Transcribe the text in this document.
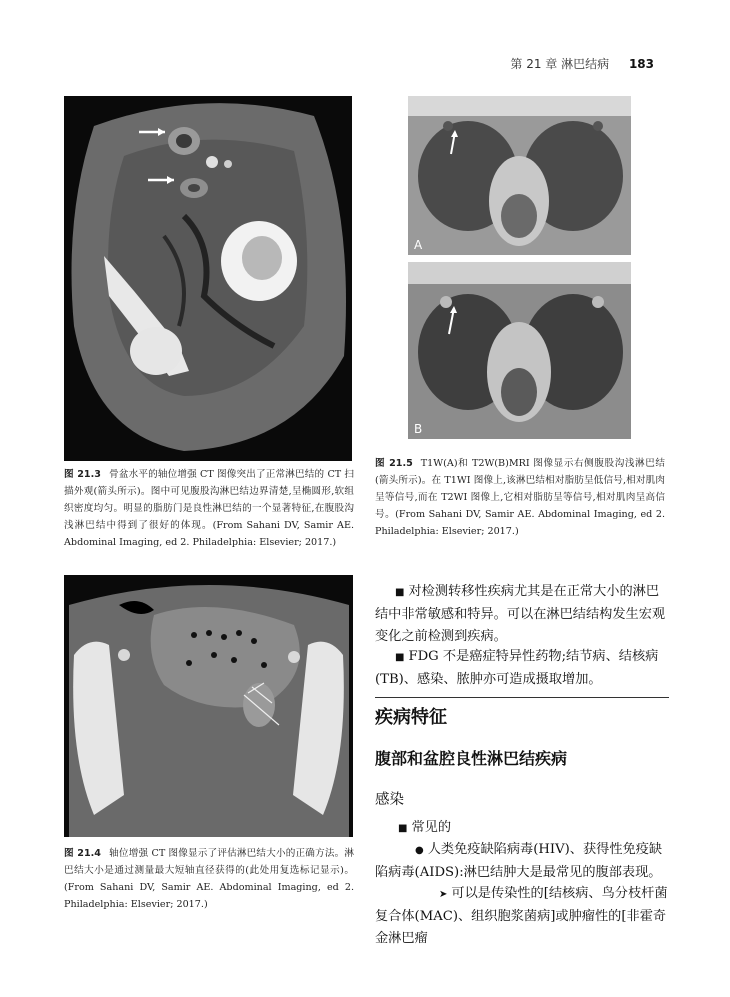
第 21 章 淋巴结病 183
A
B
图 21.3 骨盆水平的轴位增强 CT 图像突出了正常淋巴结的 CT 扫描外观(箭头所示)。图中可见腹股沟淋巴结边界清楚,呈椭圆形,软组织密度均匀。明显的脂肪门是良性淋巴结的一个显著特征,在腹股沟浅淋巴结中得到了很好的体现。(From Sahani DV, Samir AE. Abdominal Imaging, ed 2. Philadelphia: Elsevier; 2017.)
图 21.5 T1W(A)和 T2W(B)MRI 图像显示右侧腹股沟浅淋巴结(箭头所示)。在 T1WI 图像上,该淋巴结相对脂肪呈低信号,相对肌肉呈等信号,而在 T2WI 图像上,它相对脂肪呈等信号,相对肌肉呈高信号。(From Sahani DV, Samir AE. Abdominal Imaging, ed 2. Philadelphia: Elsevier; 2017.)
图 21.4 轴位增强 CT 图像显示了评估淋巴结大小的正确方法。淋巴结大小是通过测量最大短轴直径获得的(此处用复选标记显示)。(From Sahani DV, Samir AE. Abdominal Imaging, ed 2. Philadelphia: Elsevier; 2017.)
■ 对检测转移性疾病尤其是在正常大小的淋巴结中非常敏感和特异。可以在淋巴结结构发生宏观变化之前检测到疾病。
■ FDG 不是癌症特异性药物;结节病、结核病(TB)、感染、脓肿亦可造成摄取增加。
疾病特征
腹部和盆腔良性淋巴结疾病
感染
■ 常见的
● 人类免疫缺陷病毒(HIV)、获得性免疫缺陷病毒(AIDS):淋巴结肿大是最常见的腹部表现。
➤ 可以是传染性的[结核病、鸟分枝杆菌复合体(MAC)、组织胞浆菌病]或肿瘤性的[非霍奇金淋巴瘤
